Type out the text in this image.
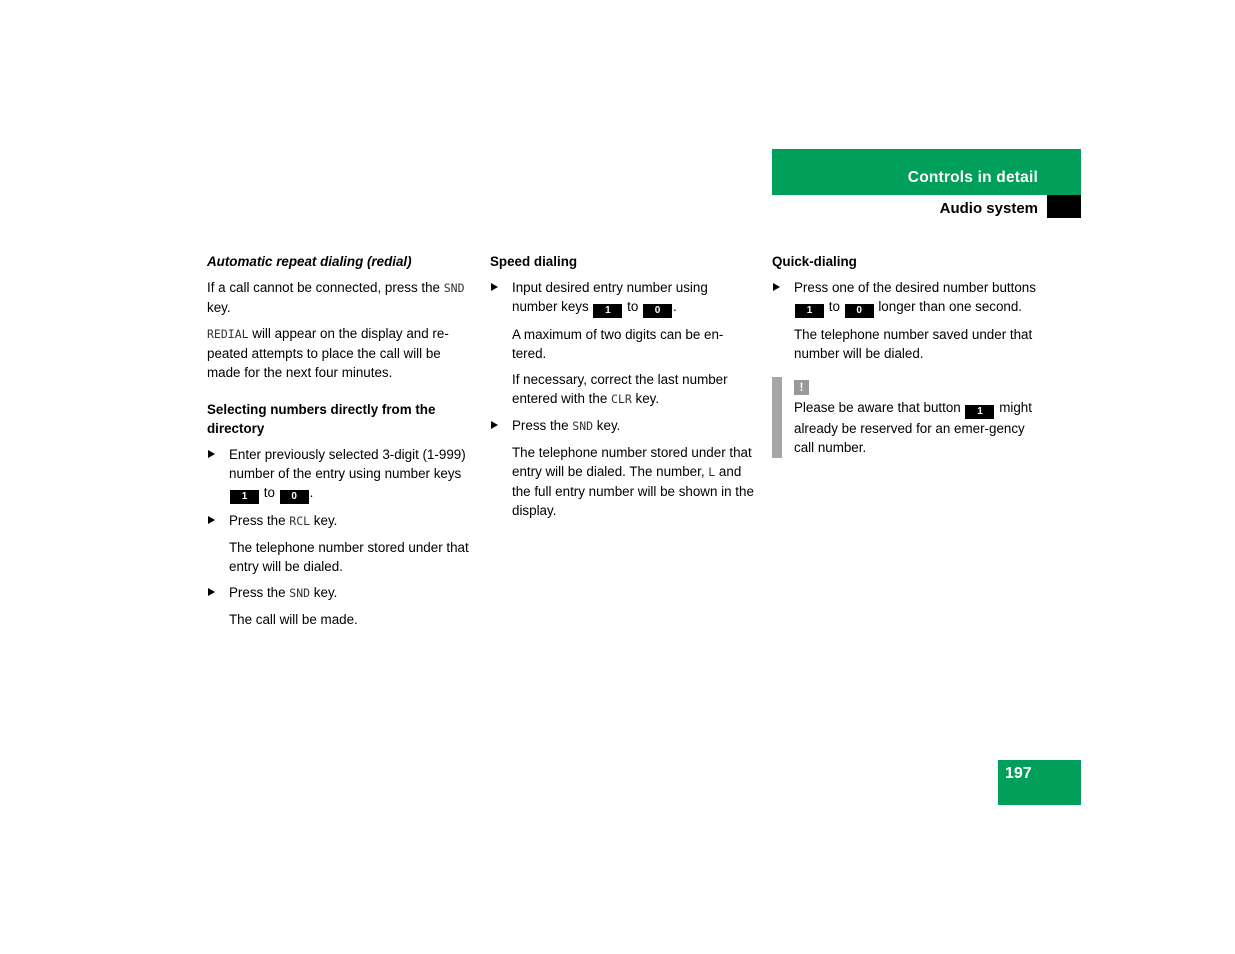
Controls in detail
Audio system
Automatic repeat dialing (redial)

If a call cannot be connected, press the SND key.

REDIAL will appear on the display and re-peated attempts to place the call will be made for the next four minutes.

Selecting numbers directly from the directory
Enter previously selected 3-digit (1-999) number of the entry using number keys 1 to 0 .
Press the RCL key.

The telephone number stored under that entry will be dialed.

Press the SND key.

The call will be made.

Speed dialing
Input desired entry number using number keys 1 to 0 .

A maximum of two digits can be en-tered.

If necessary, correct the last number entered with the CLR key.

Press the SND key.

The telephone number stored under that entry will be dialed. The number, L and the full entry number will be shown in the display.

Quick-dialing
Press one of the desired number buttons 1 to 0 longer than one second.

The telephone number saved under that number will be dialed.

!
Please be aware that button 1 might already be reserved for an emer-gency call number.
197
